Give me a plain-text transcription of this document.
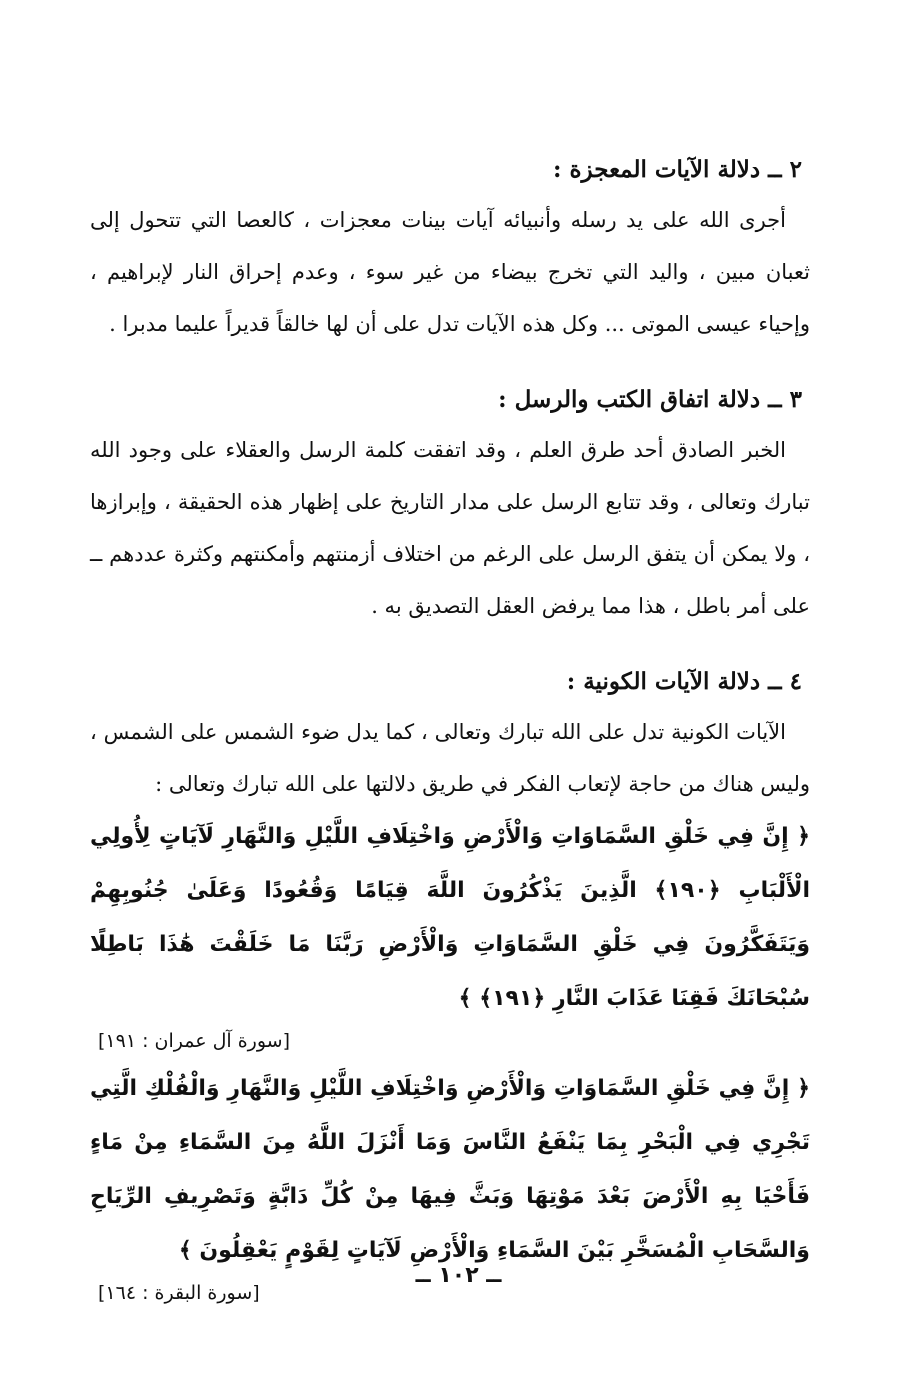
٢ ــ دلالة الآيات المعجزة :

أجرى الله على يد رسله وأنبيائه آيات بينات معجزات ، كالعصا التي تتحول إلى ثعبان مبين ، واليد التي تخرج بيضاء من غير سوء ، وعدم إحراق النار لإبراهيم ، وإحياء عيسى الموتى ... وكل هذه الآيات تدل على أن لها خالقاً قديراً عليما مدبرا .

٣ ــ دلالة اتفاق الكتب والرسل :

الخبر الصادق أحد طرق العلم ، وقد اتفقت كلمة الرسل والعقلاء على وجود الله تبارك وتعالى ، وقد تتابع الرسل على مدار التاريخ على إظهار هذه الحقيقة ، وإبرازها ، ولا يمكن أن يتفق الرسل على الرغم من اختلاف أزمنتهم وأمكنتهم وكثرة عددهم ــ على أمر باطل ، هذا مما يرفض العقل التصديق به .

٤ ــ دلالة الآيات الكونية :

الآيات الكونية تدل على الله تبارك وتعالى ، كما يدل ضوء الشمس على الشمس ، وليس هناك من حاجة لإتعاب الفكر في طريق دلالتها على الله تبارك وتعالى :

﴿ إِنَّ فِي خَلْقِ السَّمَاوَاتِ وَالْأَرْضِ وَاخْتِلَافِ اللَّيْلِ وَالنَّهَارِ لَآيَاتٍ لِأُولِي الْأَلْبَابِ ﴿١٩٠﴾ الَّذِينَ يَذْكُرُونَ اللَّهَ قِيَامًا وَقُعُودًا وَعَلَىٰ جُنُوبِهِمْ وَيَتَفَكَّرُونَ فِي خَلْقِ السَّمَاوَاتِ وَالْأَرْضِ رَبَّنَا مَا خَلَقْتَ هَٰذَا بَاطِلًا سُبْحَانَكَ فَقِنَا عَذَابَ النَّارِ ﴿١٩١﴾ ﴾

[سورة آل عمران : ١٩١]

﴿ إِنَّ فِي خَلْقِ السَّمَاوَاتِ وَالْأَرْضِ وَاخْتِلَافِ اللَّيْلِ وَالنَّهَارِ وَالْفُلْكِ الَّتِي تَجْرِي فِي الْبَحْرِ بِمَا يَنْفَعُ النَّاسَ وَمَا أَنْزَلَ اللَّهُ مِنَ السَّمَاءِ مِنْ مَاءٍ فَأَحْيَا بِهِ الْأَرْضَ بَعْدَ مَوْتِهَا وَبَثَّ فِيهَا مِنْ كُلِّ دَابَّةٍ وَتَصْرِيفِ الرِّيَاحِ وَالسَّحَابِ الْمُسَخَّرِ بَيْنَ السَّمَاءِ وَالْأَرْضِ لَآيَاتٍ لِقَوْمٍ يَعْقِلُونَ ﴾

[سورة البقرة : ١٦٤]

ــ ١٠٢ ــ
